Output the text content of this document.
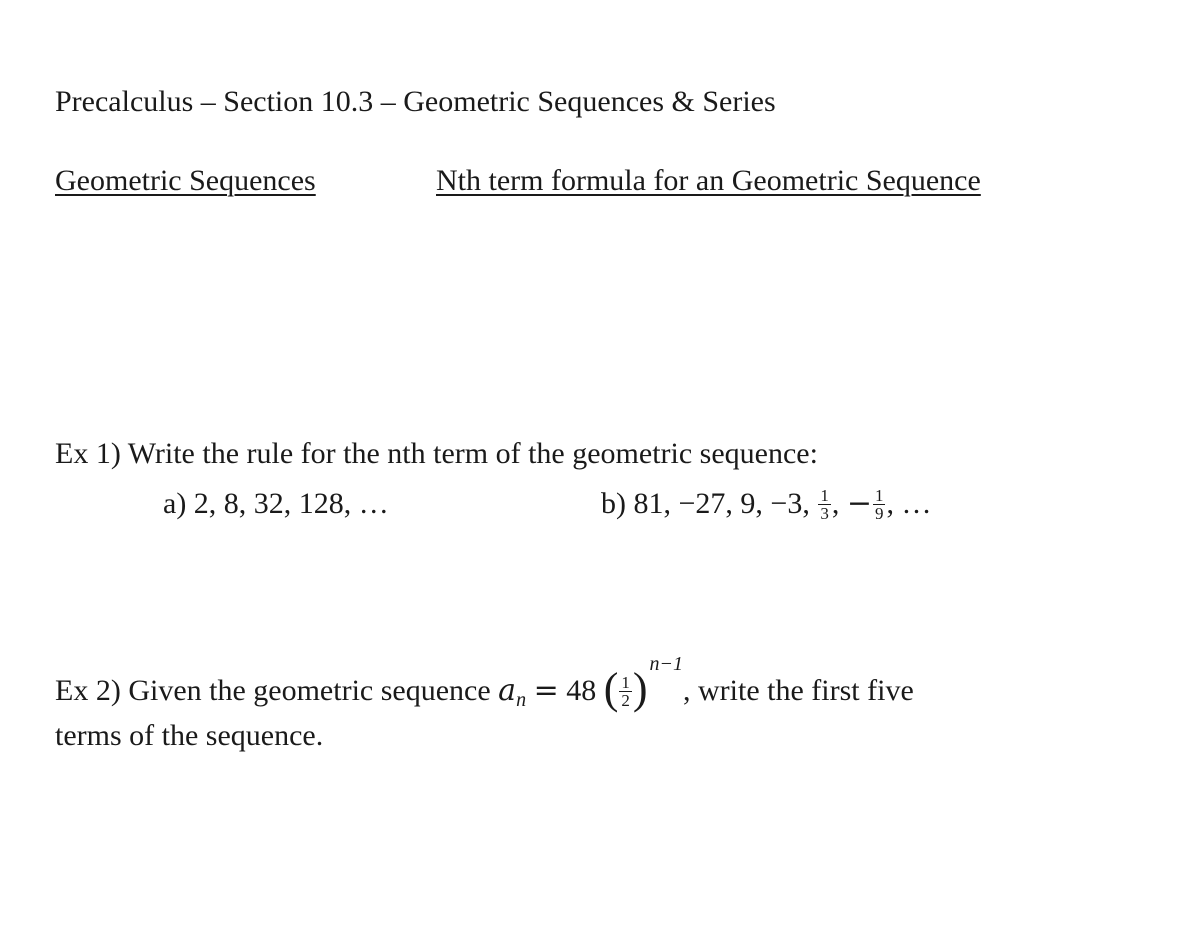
Precalculus – Section 10.3 – Geometric Sequences & Series
Geometric Sequences	Nth term formula for an Geometric Sequence
Ex 1) Write the rule for the nth term of the geometric sequence:
a) 2, 8, 32, 128, …	b) 81, −27, 9, −3, $\frac{1}{3}$ , − $\frac{1}{9}$ , …
Ex 2) Given the geometric sequence $a_n = 48$ ( $\frac{1}{2}$ ) $^{n-1}$, write the first five
terms of the sequence.
